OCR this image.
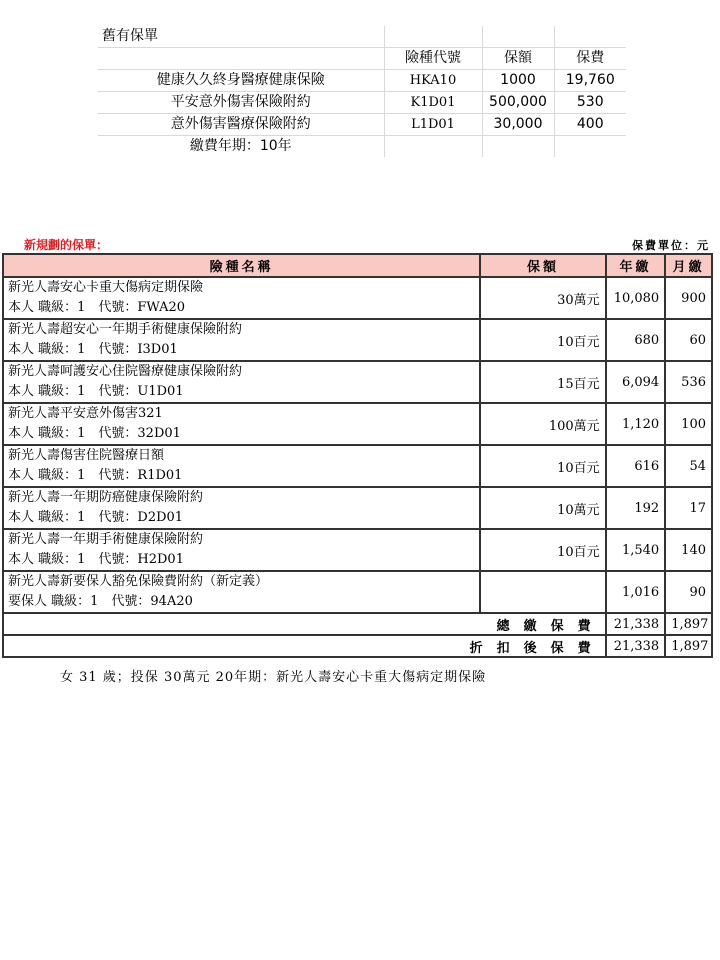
舊有保單			
	險種代號	保額	保費
健康久久終身醫療健康保險	HKA10	1000	19,760
平安意外傷害保險附約	K1D01	500,000	530
意外傷害醫療保險附約	L1D01	30,000	400
繳費年期：10年			
新規劃的保單：	保費單位：元
險種名稱	保額	年繳	月繳

新光人壽安心卡重大傷病定期保險
本人 職級：1　代號：FWA20	30萬元	10,080	900

新光人壽超安心一年期手術健康保險附約
本人 職級：1　代號：I3D01	10百元	680	60

新光人壽呵護安心住院醫療健康保險附約
本人 職級：1　代號：U1D01	15百元	6,094	536

新光人壽平安意外傷害321
本人 職級：1　代號：32D01	100萬元	1,120	100

新光人壽傷害住院醫療日額
本人 職級：1　代號：R1D01	10百元	616	54

新光人壽一年期防癌健康保險附約
本人 職級：1　代號：D2D01	10萬元	192	17

新光人壽一年期手術健康保險附約
本人 職級：1　代號：H2D01	10百元	1,540	140

新光人壽新要保人豁免保險費附約（新定義）
要保人 職級：1　代號：94A20		1,016	90
總繳保費		21,338	1,897
折扣後保費		21,338	1,897
女 31 歲；投保 30萬元 20年期：新光人壽安心卡重大傷病定期保險
